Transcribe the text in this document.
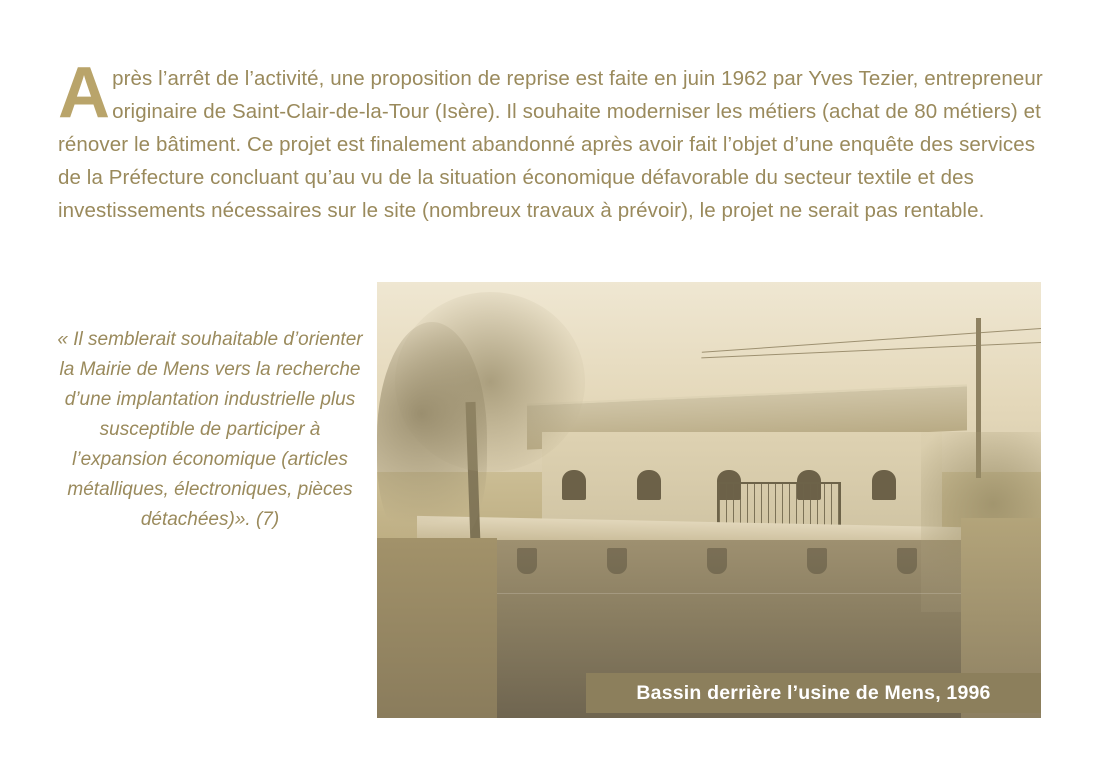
Après l’arrêt de l’activité, une proposition de reprise est faite en juin 1962 par Yves Tezier, entrepreneur originaire de Saint-Clair-de-la-Tour (Isère). Il souhaite moderniser les métiers (achat de 80 métiers) et rénover le bâtiment. Ce projet est finalement abandonné après avoir fait l’objet d’une enquête des services de la Préfecture concluant qu’au vu de la situation économique défavorable du secteur textile et des investissements nécessaires sur le site (nombreux travaux à prévoir), le projet ne serait pas rentable.
« Il semblerait souhaitable d’orienter la Mairie de Mens vers la recherche d’une implantation industrielle plus susceptible de participer à l’expansion économique (articles métalliques, électroniques, pièces détachées)». (7)
Bassin derrière l’usine de Mens, 1996
